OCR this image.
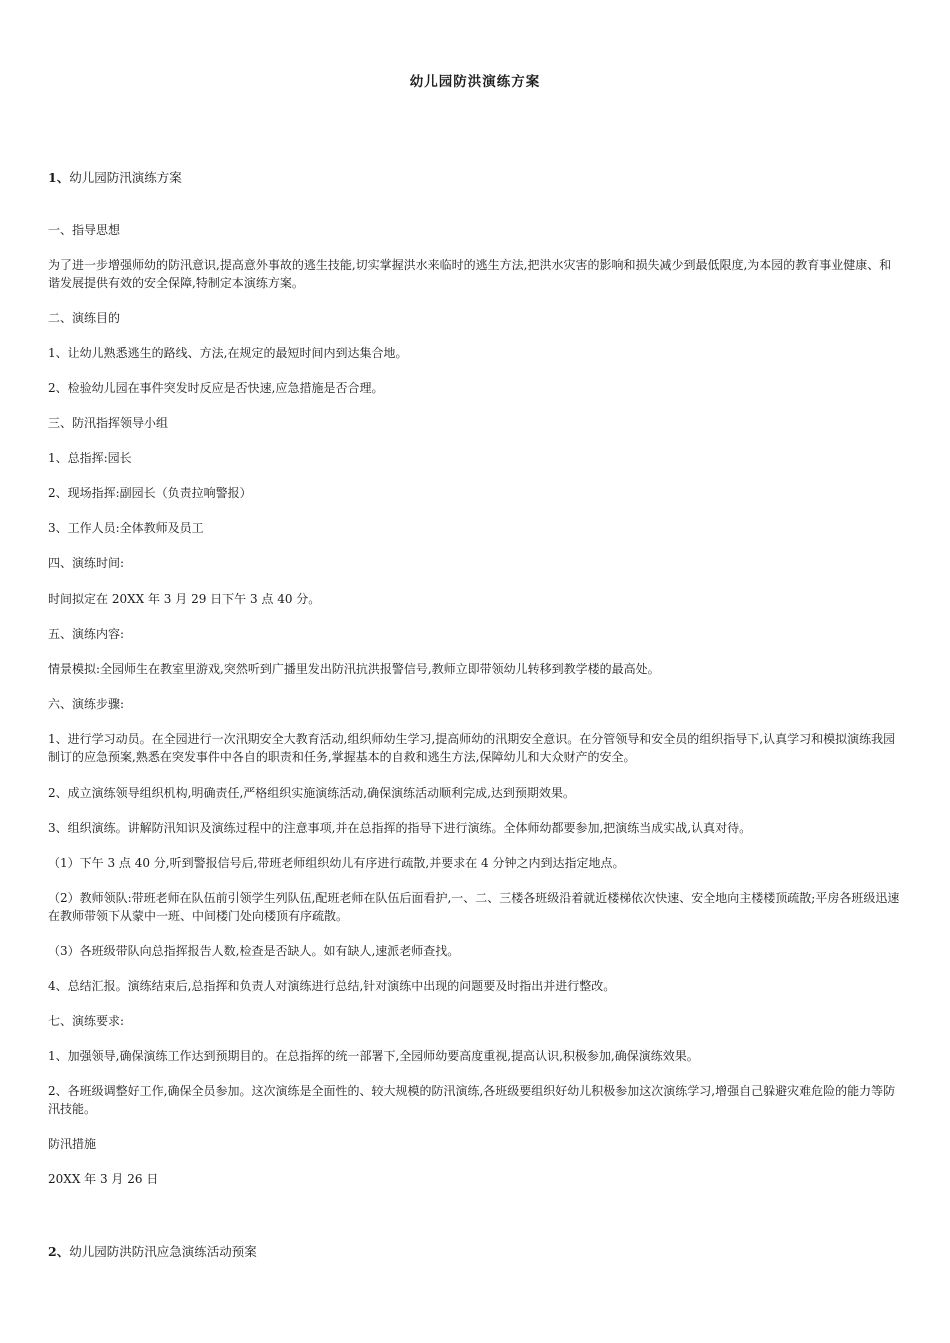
幼儿园防洪演练方案
1、幼儿园防汛演练方案
一、指导思想
为了进一步增强师幼的防汛意识,提高意外事故的逃生技能,切实掌握洪水来临时的逃生方法,把洪水灾害的影响和损失减少到最低限度,为本园的教育事业健康、和谐发展提供有效的安全保障,特制定本演练方案。
二、演练目的
1、让幼儿熟悉逃生的路线、方法,在规定的最短时间内到达集合地。
2、检验幼儿园在事件突发时反应是否快速,应急措施是否合理。
三、防汛指挥领导小组
1、总指挥:园长
2、现场指挥:副园长（负责拉响警报）
3、工作人员:全体教师及员工
四、演练时间:
时间拟定在 20XX 年 3 月 29 日下午 3 点 40 分。
五、演练内容:
情景模拟:全园师生在教室里游戏,突然听到广播里发出防汛抗洪报警信号,教师立即带领幼儿转移到教学楼的最高处。
六、演练步骤:
1、进行学习动员。在全园进行一次汛期安全大教育活动,组织师幼生学习,提高师幼的汛期安全意识。在分管领导和安全员的组织指导下,认真学习和模拟演练我园制订的应急预案,熟悉在突发事件中各自的职责和任务,掌握基本的自救和逃生方法,保障幼儿和大众财产的安全。
2、成立演练领导组织机构,明确责任,严格组织实施演练活动,确保演练活动顺利完成,达到预期效果。
3、组织演练。讲解防汛知识及演练过程中的注意事项,并在总指挥的指导下进行演练。全体师幼都要参加,把演练当成实战,认真对待。
（1）下午 3 点 40 分,听到警报信号后,带班老师组织幼儿有序进行疏散,并要求在 4 分钟之内到达指定地点。
（2）教师领队:带班老师在队伍前引领学生列队伍,配班老师在队伍后面看护,一、二、三楼各班级沿着就近楼梯依次快速、安全地向主楼楼顶疏散;平房各班级迅速在教师带领下从蒙中一班、中间楼门处向楼顶有序疏散。
（3）各班级带队向总指挥报告人数,检查是否缺人。如有缺人,速派老师查找。
4、总结汇报。演练结束后,总指挥和负责人对演练进行总结,针对演练中出现的问题要及时指出并进行整改。
七、演练要求:
1、加强领导,确保演练工作达到预期目的。在总指挥的统一部署下,全园师幼要高度重视,提高认识,积极参加,确保演练效果。
2、各班级调整好工作,确保全员参加。这次演练是全面性的、较大规模的防汛演练,各班级要组织好幼儿积极参加这次演练学习,增强自己躲避灾难危险的能力等防汛技能。
防汛措施
20XX 年 3 月 26 日
2、幼儿园防洪防汛应急演练活动预案
